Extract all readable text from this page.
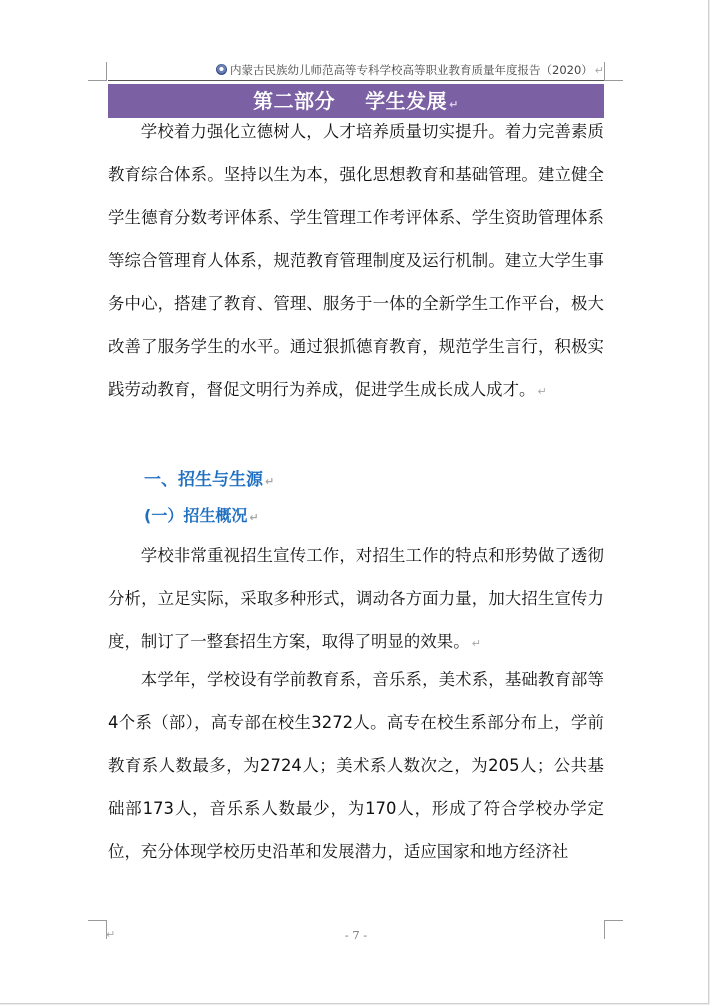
内蒙古民族幼儿师范高等专科学校高等职业教育质量年度报告（2020） ↵
第二部分 学生发展 ↵

学校着力强化立德树人，人才培养质量切实提升。着力完善素质教育综合体系。坚持以生为本，强化思想教育和基础管理。建立健全学生德育分数考评体系、学生管理工作考评体系、学生资助管理体系等综合管理育人体系，规范教育管理制度及运行机制。建立大学生事务中心，搭建了教育、管理、服务于一体的全新学生工作平台，极大改善了服务学生的水平。通过狠抓德育教育，规范学生言行，积极实践劳动教育，督促文明行为养成，促进学生成长成人成才。 ↵

一、招生与生源 ↵
(一）招生概况 ↵

学校非常重视招生宣传工作，对招生工作的特点和形势做了透彻分析，立足实际，采取多种形式，调动各方面力量，加大招生宣传力度，制订了一整套招生方案，取得了明显的效果。 ↵

本学年，学校设有学前教育系，音乐系，美术系，基础教育部等4个系（部），高专部在校生3272人。高专在校生系部分布上，学前教育系人数最多，为2724人；美术系人数次之，为205人；公共基础部173人，音乐系人数最少，为170人，形成了符合学校办学定位，充分体现学校历史沿革和发展潜力，适应国家和地方经济社

↵	- 7 -
